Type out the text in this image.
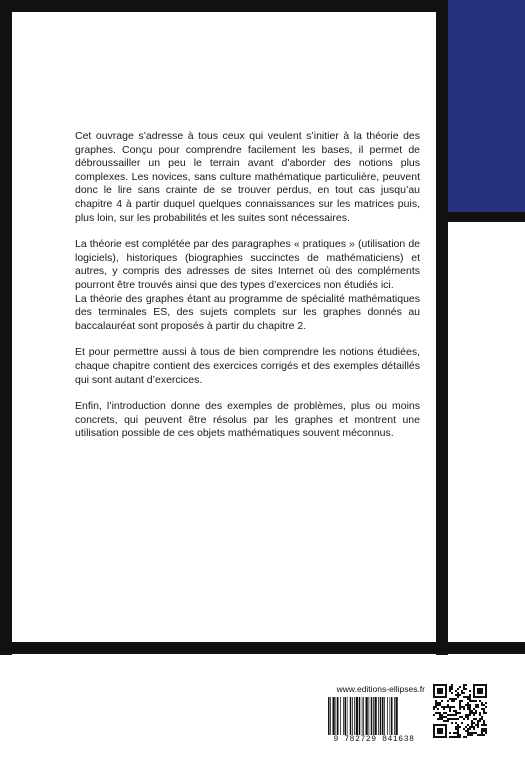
Cet ouvrage s’adresse à tous ceux qui veulent s’initier à la théorie des graphes. Conçu pour comprendre facilement les bases, il permet de débroussailler un peu le terrain avant d’aborder des notions plus complexes. Les novices, sans culture mathématique particulière, peuvent donc le lire sans crainte de se trouver perdus, en tout cas jusqu’au chapitre 4 à partir duquel quelques connaissances sur les matrices puis, plus loin, sur les probabilités et les suites sont nécessaires.

La théorie est complétée par des paragraphes « pratiques » (utilisation de logiciels), historiques (biographies succinctes de mathématiciens) et autres, y compris des adresses de sites Internet où des compléments pourront être trouvés ainsi que des types d’exercices non étudiés ici.

La théorie des graphes étant au programme de spécialité mathématiques des terminales ES, des sujets complets sur les graphes donnés au baccalauréat sont proposés à partir du chapitre 2.

Et pour permettre aussi à tous de bien comprendre les notions étudiées, chaque chapitre contient des exercices corrigés et des exemples détaillés qui sont autant d’exercices.

Enfin, l’introduction donne des exemples de problèmes, plus ou moins concrets, qui peuvent être résolus par les graphes et montrent une utilisation possible de ces objets mathématiques souvent méconnus.

www.editions-ellipses.fr
9 782729 841638
